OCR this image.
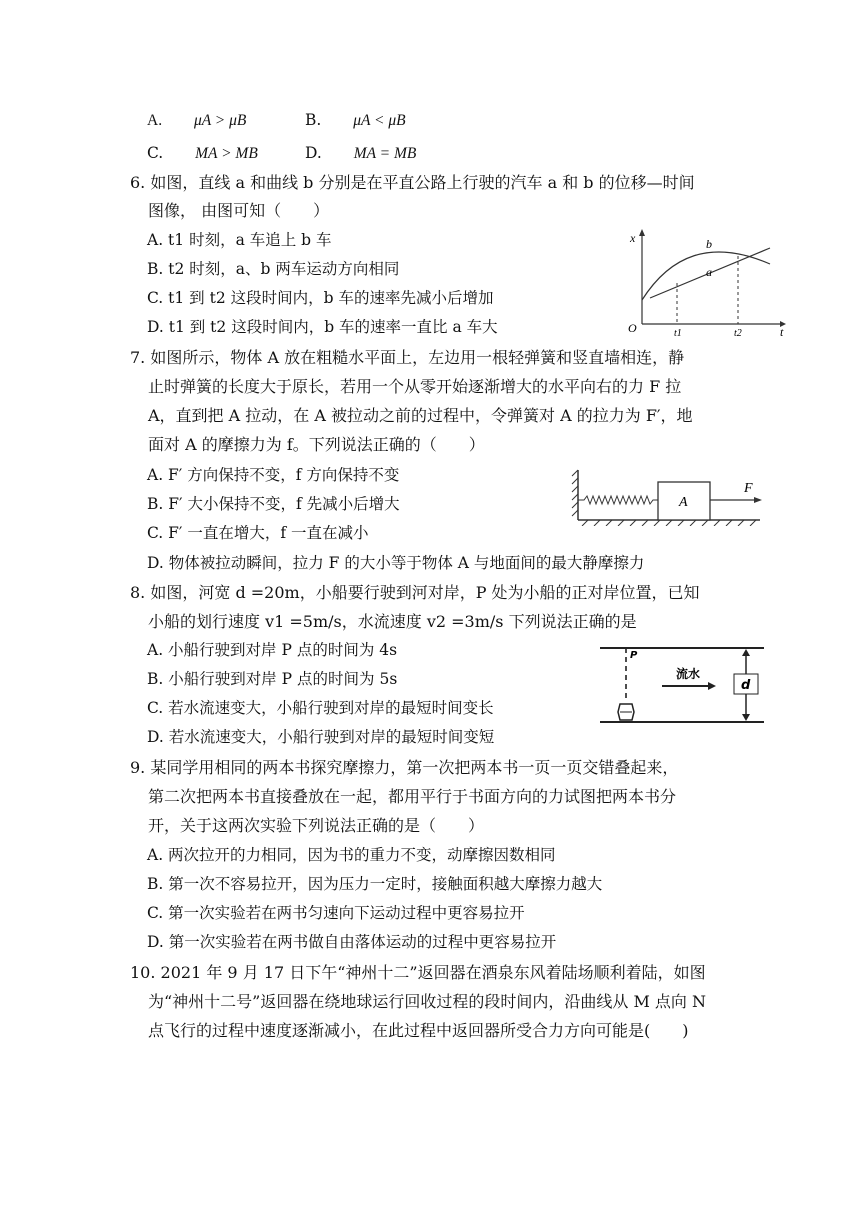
A. μA > μB	B. μA < μB
C. MA > MB	D. MA = MB
6. 如图，直线 a 和曲线 b 分别是在平直公路上行驶的汽车 a 和 b 的位移—时间
图像， 由图可知（　　）
A. t1 时刻，a 车追上 b 车
B. t2 时刻，a、b 两车运动方向相同
C. t1 到 t2 这段时间内，b 车的速率先减小后增加
D. t1 到 t2 这段时间内，b 车的速率一直比 a 车大
x
t
O	t1	t2
b
a
7. 如图所示，物体 A 放在粗糙水平面上，左边用一根轻弹簧和竖直墙相连，静
止时弹簧的长度大于原长，若用一个从零开始逐渐增大的水平向右的力 F 拉
A，直到把 A 拉动，在 A 被拉动之前的过程中，令弹簧对 A 的拉力为 F′，地
面对 A 的摩擦力为 f。下列说法正确的（　　）
A. F′ 方向保持不变，f 方向保持不变
B. F′ 大小保持不变，f 先减小后增大
C. F′ 一直在增大，f 一直在减小
D. 物体被拉动瞬间，拉力 F 的大小等于物体 A 与地面间的最大静摩擦力
A
F
8. 如图，河宽 d =20m，小船要行驶到河对岸，P 处为小船的正对岸位置，已知
小船的划行速度 v1 =5m/s，水流速度 v2 =3m/s 下列说法正确的是
A. 小船行驶到对岸 P 点的时间为 4s
B. 小船行驶到对岸 P 点的时间为 5s
C. 若水流速变大，小船行驶到对岸的最短时间变长
D. 若水流速变大，小船行驶到对岸的最短时间变短
P
流水
d
9. 某同学用相同的两本书探究摩擦力，第一次把两本书一页一页交错叠起来，
第二次把两本书直接叠放在一起，都用平行于书面方向的力试图把两本书分
开，关于这两次实验下列说法正确的是（　　）
A. 两次拉开的力相同，因为书的重力不变，动摩擦因数相同
B. 第一次不容易拉开，因为压力一定时，接触面积越大摩擦力越大
C. 第一次实验若在两书匀速向下运动过程中更容易拉开
D. 第一次实验若在两书做自由落体运动的过程中更容易拉开
10. 2021 年 9 月 17 日下午“神州十二”返回器在酒泉东风着陆场顺利着陆，如图
为“神州十二号”返回器在绕地球运行回收过程的段时间内，沿曲线从 M 点向 N
点飞行的过程中速度逐渐减小，在此过程中返回器所受合力方向可能是(　　)
